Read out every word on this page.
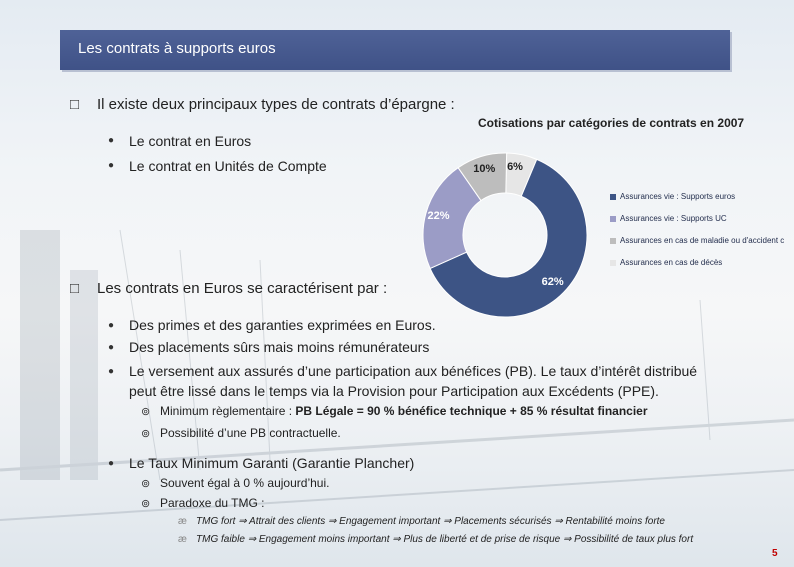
Les contrats à supports euros
□ Il existe deux principaux types de contrats d’épargne :
● Le contrat en Euros
● Le contrat en Unités de Compte
Cotisations par catégories de contrats en 2007
6%
62%
22%
10%
Assurances vie : Supports euros
Assurances vie : Supports UC
Assurances en cas de maladie ou d'accident c
Assurances en cas de décès
□ Les contrats en Euros se caractérisent par :
● Des primes et des garanties exprimées en Euros.
● Des placements sûrs mais moins rémunérateurs
● Le versement aux assurés d’une participation aux bénéfices (PB). Le taux d’intérêt distribué
peut être lissé dans le temps via la Provision pour Participation aux Excédents (PPE).
⊚ Minimum règlementaire : PB Légale = 90 % bénéfice technique + 85 % résultat financier
⊚ Possibilité d’une PB contractuelle.
● Le Taux Minimum Garanti (Garantie Plancher)
⊚ Souvent égal à 0 % aujourd’hui.
⊚ Paradoxe du TMG :
æ TMG fort ⇒ Attrait des clients ⇒ Engagement important ⇒ Placements sécurisés ⇒ Rentabilité moins forte
æ TMG faible ⇒ Engagement moins important ⇒ Plus de liberté et de prise de risque ⇒ Possibilité de taux plus fort
5
